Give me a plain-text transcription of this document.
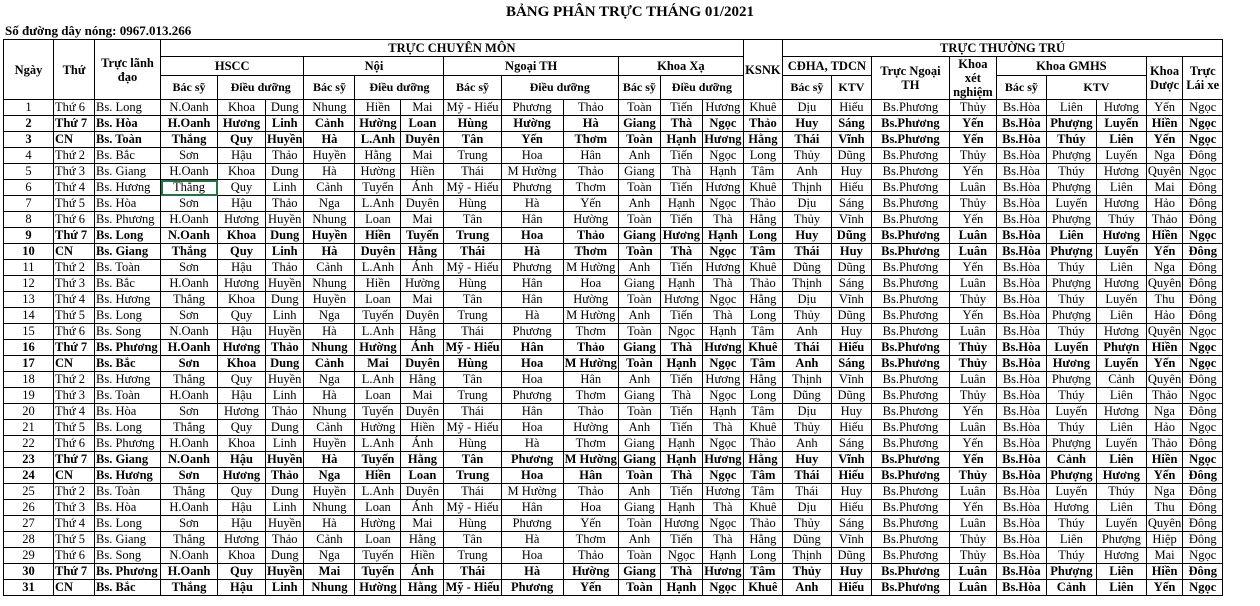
BẢNG PHÂN TRỰC THÁNG 01/2021
Số đường dây nóng: 0967.013.266
Ngày	Thứ	Trực lãnh đạo	TRỰC CHUYÊN MÔN												KSNK	TRỰC THƯỜNG TRÚ								
			HSCC			Nội			Ngoại TH			Khoa Xạ				CĐHA, TDCN		Trực Ngoại TH	Khoa xét nghiệm	Khoa GMHS			Khoa Dược	Trực Lái xe
			Bác sỹ	Điều dưỡng		Bác sỹ	Điều dưỡng		Bác sỹ	Điều dưỡng		Bác sỹ	Điều dưỡng			Bác sỹ	KTV			Bác sỹ	KTV			
1	Thứ 6	Bs. Long	N.Oanh	Khoa	Dung	Nhung	Hiền	Mai	Mỹ - Hiếu	Phương	Thảo	Toàn	Tiến	Hương	Khuê	Dịu	Hiếu	Bs.Phương	Thủy	Bs.Hòa	Liên	Hương	Yến	Ngọc
2	Thứ 7	Bs. Hòa	H.Oanh	Hương	Linh	Cảnh	Hường	Loan	Hùng	Hường	Hà	Giang	Thà	Ngọc	Thảo	Huy	Sáng	Bs.Phương	Yến	Bs.Hòa	Phượng	Luyến	Hiền	Ngọc
3	CN	Bs. Toàn	Thắng	Quy	Huyền	Hà	L.Anh	Duyên	Tân	Yến	Thơm	Toàn	Hạnh	Hương	Hằng	Thái	Vĩnh	Bs.Phương	Yến	Bs.Hòa	Thúy	Liên	Yến	Ngọc
4	Thứ 2	Bs. Bắc	Sơn	Hậu	Thảo	Huyền	Hằng	Mai	Trung	Hoa	Hân	Anh	Tiến	Ngọc	Long	Thủy	Dũng	Bs.Phương	Thủy	Bs.Hòa	Phượng	Luyến	Nga	Đông
5	Thứ 3	Bs. Giang	H.Oanh	Khoa	Dung	Hà	Hường	Hiền	Thái	M Hường	Thảo	Giang	Thà	Hạnh	Tâm	Anh	Huy	Bs.Phương	Yến	Bs.Hòa	Thúy	Hương	Quyên	Ngọc
6	Thứ 4	Bs. Hương	Thắng	Quy	Linh	Cảnh	Tuyến	Ánh	Mỹ - Hiếu	Phương	Thơm	Toàn	Tiến	Hương	Khuê	Thịnh	Hiếu	Bs.Phương	Luân	Bs.Hòa	Phượng	Liên	Mai	Đông
7	Thứ 5	Bs. Hòa	Sơn	Hậu	Thảo	Nga	L.Anh	Duyên	Hùng	Hà	Yến	Anh	Hạnh	Ngọc	Thảo	Dịu	Sáng	Bs.Phương	Thủy	Bs.Hòa	Luyến	Hương	Hảo	Đông
8	Thứ 6	Bs. Phương	H.Oanh	Hương	Huyền	Nhung	Loan	Mai	Tân	Hân	Hường	Toàn	Tiến	Thà	Hằng	Thủy	Vĩnh	Bs.Phương	Yến	Bs.Hòa	Phượng	Thúy	Thảo	Đông
9	Thứ 7	Bs. Long	N.Oanh	Khoa	Dung	Huyền	Hiền	Tuyến	Trung	Hoa	Thảo	Giang	Hương	Hạnh	Long	Huy	Dũng	Bs.Phương	Luân	Bs.Hòa	Liên	Hương	Hiền	Ngọc
10	CN	Bs. Giang	Thắng	Quy	Linh	Hà	Duyên	Hằng	Thái	Hà	Thơm	Toàn	Thà	Ngọc	Tâm	Thái	Huy	Bs.Phương	Luân	Bs.Hòa	Phượng	Luyến	Yến	Đông
11	Thứ 2	Bs. Toàn	Sơn	Hậu	Thảo	Cảnh	L.Anh	Ánh	Mỹ - Hiếu	Phương	M Hường	Anh	Tiến	Hương	Khuê	Dũng	Dũng	Bs.Phương	Yến	Bs.Hòa	Thúy	Liên	Nga	Đông
12	Thứ 3	Bs. Bắc	H.Oanh	Hương	Huyền	Nhung	Hiền	Hường	Hùng	Hân	Hoa	Giang	Hạnh	Thà	Thảo	Thịnh	Sáng	Bs.Phương	Luân	Bs.Hòa	Phượng	Hương	Quyên	Đông
13	Thứ 4	Bs. Hương	Thắng	Khoa	Dung	Huyền	Loan	Mai	Tân	Hân	Hường	Toàn	Hương	Ngọc	Hằng	Dịu	Vĩnh	Bs.Phương	Thủy	Bs.Hòa	Thúy	Luyến	Thu	Đông
14	Thứ 5	Bs. Long	Sơn	Quy	Linh	Nga	Tuyến	Duyên	Trung	Hà	M Hường	Anh	Tiến	Thà	Long	Thủy	Dũng	Bs.Phương	Yến	Bs.Hòa	Phượng	Liên	Hảo	Đông
15	Thứ 6	Bs. Song	N.Oanh	Hậu	Huyền	Hà	L.Anh	Hằng	Thái	Phương	Thơm	Toàn	Ngọc	Hạnh	Tâm	Anh	Huy	Bs.Phương	Luân	Bs.Hòa	Thúy	Hương	Quyên	Ngọc
16	Thứ 7	Bs. Phương	H.Oanh	Hương	Thảo	Nhung	Hường	Ánh	Mỹ - Hiếu	Hân	Thảo	Giang	Thà	Hương	Khuê	Thái	Hiếu	Bs.Phương	Thủy	Bs.Hòa	Luyến	Phượn	Hiền	Ngọc
17	CN	Bs. Bắc	Sơn	Khoa	Dung	Cảnh	Mai	Duyên	Hùng	Hoa	M Hường	Toàn	Hạnh	Ngọc	Tâm	Anh	Sáng	Bs.Phương	Thủy	Bs.Hòa	Hương	Luyến	Yến	Ngọc
18	Thứ 2	Bs. Hương	Thắng	Quy	Huyền	Nga	L.Anh	Hằng	Tân	Hoa	Hân	Anh	Tiến	Hương	Hằng	Thịnh	Vĩnh	Bs.Phương	Luân	Bs.Hòa	Phượng	Cảnh	Quyên	Đông
19	Thứ 3	Bs. Toàn	H.Oanh	Hậu	Linh	Hà	Loan	Mai	Trung	Phương	Thơm	Giang	Thà	Ngọc	Long	Dũng	Dũng	Bs.Phương	Thủy	Bs.Hòa	Thúy	Liên	Thảo	Ngọc
20	Thứ 4	Bs. Hòa	Sơn	Hương	Thảo	Nhung	Tuyến	Duyên	Thái	Hân	Thảo	Toàn	Tiến	Hạnh	Tâm	Dịu	Huy	Bs.Phương	Yến	Bs.Hòa	Luyến	Hương	Nga	Đông
21	Thứ 5	Bs. Long	Thắng	Quy	Dung	Cảnh	Hường	Hiền	Mỹ - Hiếu	Hoa	Hường	Anh	Tiến	Thà	Khuê	Thủy	Hiếu	Bs.Phương	Luân	Bs.Hòa	Thúy	Liên	Hảo	Ngọc
22	Thứ 6	Bs. Phương	H.Oanh	Khoa	Linh	Huyền	L.Anh	Ánh	Hùng	Hà	Thơm	Giang	Hạnh	Ngọc	Thảo	Anh	Sáng	Bs.Phương	Yến	Bs.Hòa	Phượng	Luyến	Thảo	Đông
23	Thứ 7	Bs. Giang	N.Oanh	Hậu	Huyền	Hà	Tuyến	Hằng	Tân	Phương	M Hường	Giang	Hạnh	Hương	Hằng	Huy	Vĩnh	Bs.Phương	Yến	Bs.Hòa	Cảnh	Liên	Hiền	Ngọc
24	CN	Bs. Hương	Sơn	Hương	Thảo	Nga	Hiền	Loan	Trung	Hoa	Hân	Toàn	Thà	Ngọc	Tâm	Thái	Hiếu	Bs.Phương	Thủy	Bs.Hòa	Phượng	Hương	Yến	Đông
25	Thứ 2	Bs. Toàn	Thắng	Quy	Dung	Huyền	L.Anh	Duyên	Thái	M Hường	Thảo	Anh	Tiến	Hương	Tâm	Thái	Huy	Bs.Phương	Luân	Bs.Hòa	Luyến	Thúy	Nga	Đông
26	Thứ 3	Bs. Hòa	H.Oanh	Hậu	Linh	Nhung	Loan	Ánh	Mỹ - Hiếu	Hân	Hoa	Giang	Hạnh	Thà	Khuê	Dịu	Hiếu	Bs.Phương	Yến	Bs.Hòa	Hương	Liên	Thu	Đông
27	Thứ 4	Bs. Long	Sơn	Hậu	Huyền	Hà	Hường	Mai	Hùng	Phương	Yến	Toàn	Hương	Ngọc	Thảo	Thủy	Sáng	Bs.Phương	Luân	Bs.Hòa	Thúy	Luyến	Quyên	Đông
28	Thứ 5	Bs. Giang	Thắng	Hương	Thảo	Cảnh	Loan	Hằng	Tân	Hà	Thơm	Anh	Tiến	Thà	Hằng	Dũng	Vĩnh	Bs.Phương	Thủy	Bs.Hòa	Liên	Phượng	Hiệp	Đông
29	Thứ 6	Bs. Song	N.Oanh	Khoa	Dung	Nga	Tuyến	Hiền	Trung	Hoa	Thảo	Toàn	Ngọc	Hạnh	Long	Thịnh	Dũng	Bs.Phương	Thủy	Bs.Hòa	Thúy	Hương	Mai	Ngọc
30	Thứ 7	Bs. Phương	H.Oanh	Quy	Huyền	Mai	Tuyến	Ánh	Thái	Hà	Hường	Giang	Thà	Hương	Tâm	Thủy	Huy	Bs.Phương	Luân	Bs.Hòa	Phượng	Liên	Hiền	Đông
31	CN	Bs. Bắc	Thắng	Hậu	Linh	Nhung	Hường	Hằng	Mỹ - Hiếu	Phương	Yến	Toàn	Hạnh	Ngọc	Khuê	Anh	Hiếu	Bs.Phương	Luân	Bs.Hòa	Cảnh	Liên	Yến	Ngọc
